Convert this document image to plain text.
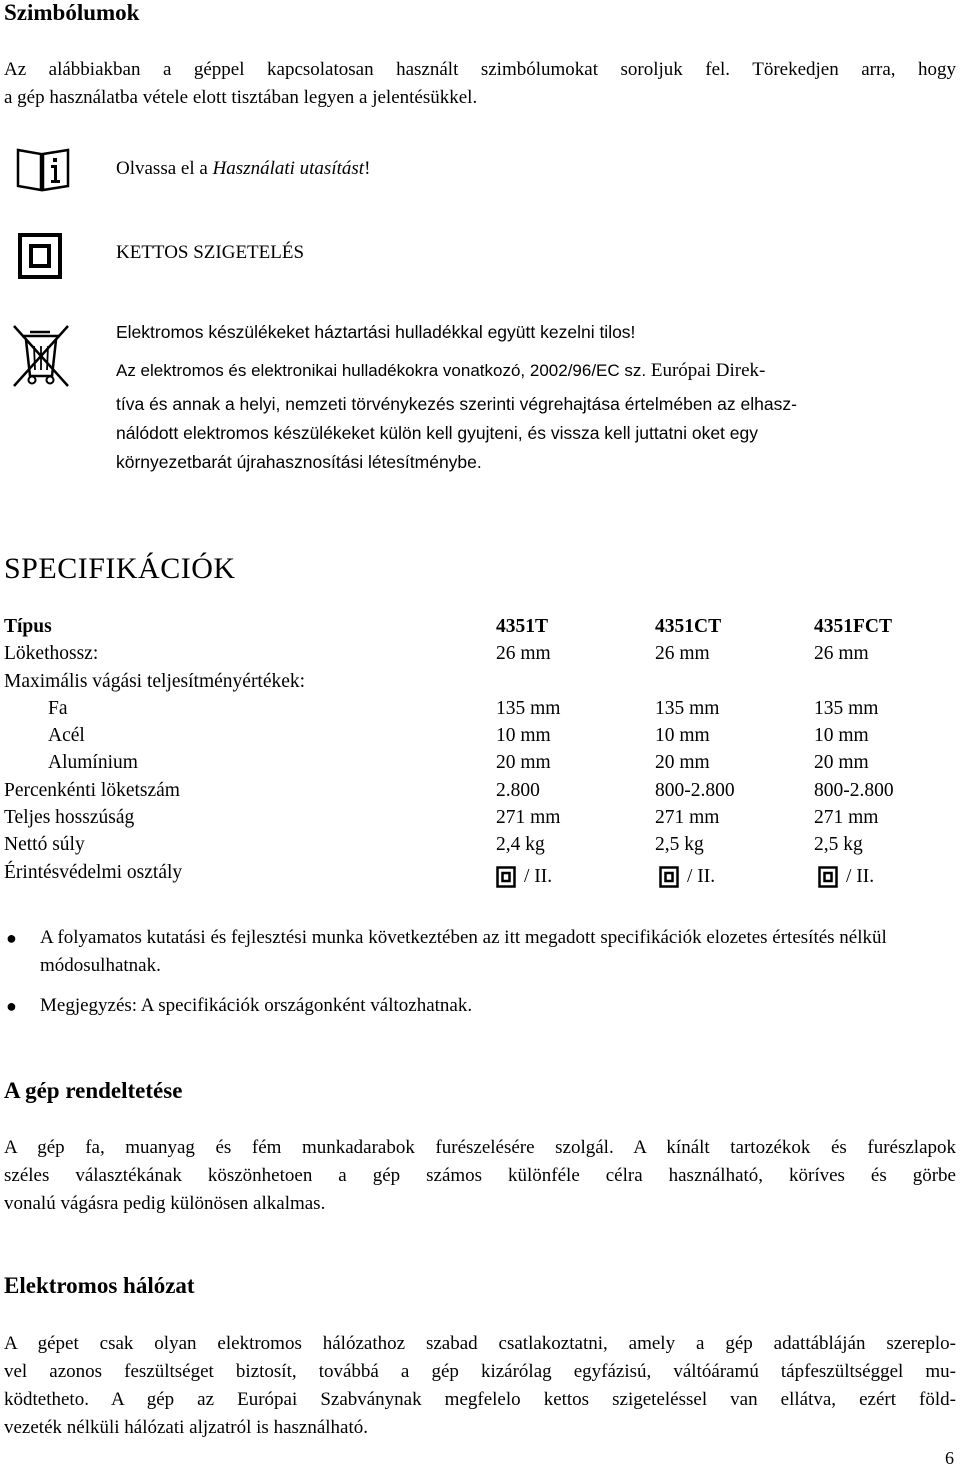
Szimbólumok
Az alábbiakban a géppel kapcsolatosan használt szimbólumokat soroljuk fel. Törekedjen arra, hogy
a gép használatba vétele elott tisztában legyen a jelentésükkel.
Olvassa el a Használati utasítást!
KETTOS SZIGETELÉS
Elektromos készülékeket háztartási hulladékkal együtt kezelni tilos!
Az elektromos és elektronikai hulladékokra vonatkozó, 2002/96/EC sz. Európai Direk-
tíva és annak a helyi, nemzeti törvénykezés szerinti végrehajtása értelmében az elhasz-
nálódott elektromos készülékeket külön kell gyujteni, és vissza kell juttatni oket egy
környezetbarát újrahasznosítási létesítménybe.
SPECIFIKÁCIÓK
Típus	4351T	4351CT	4351FCT
Lökethossz:	26 mm	26 mm	26 mm
Maximális vágási teljesítményértékek:
Fa	135 mm	135 mm	135 mm
Acél	10 mm	10 mm	10 mm
Alumínium	20 mm	20 mm	20 mm
Percenkénti löketszám	2.800	800-2.800	800-2.800
Teljes hosszúság	271 mm	271 mm	271 mm
Nettó súly	2,4 kg	2,5 kg	2,5 kg
Érintésvédelmi osztály	/ II.	/ II.	/ II.
● A folyamatos kutatási és fejlesztési munka következtében az itt megadott specifikációk elozetes értesítés nélkül módosulhatnak.
● Megjegyzés: A specifikációk országonként változhatnak.
A gép rendeltetése
A gép fa, muanyag és fém munkadarabok furészelésére szolgál. A kínált tartozékok és furészlapok
széles választékának köszönhetoen a gép számos különféle célra használható, köríves és görbe
vonalú vágásra pedig különösen alkalmas.
Elektromos hálózat
A gépet csak olyan elektromos hálózathoz szabad csatlakoztatni, amely a gép adattábláján szereplo-
vel azonos feszültséget biztosít, továbbá a gép kizárólag egyfázisú, váltóáramú tápfeszültséggel mu-
ködtetheto. A gép az Európai Szabványnak megfelelo kettos szigeteléssel van ellátva, ezért föld-
vezeték nélküli hálózati aljzatról is használható.
6
